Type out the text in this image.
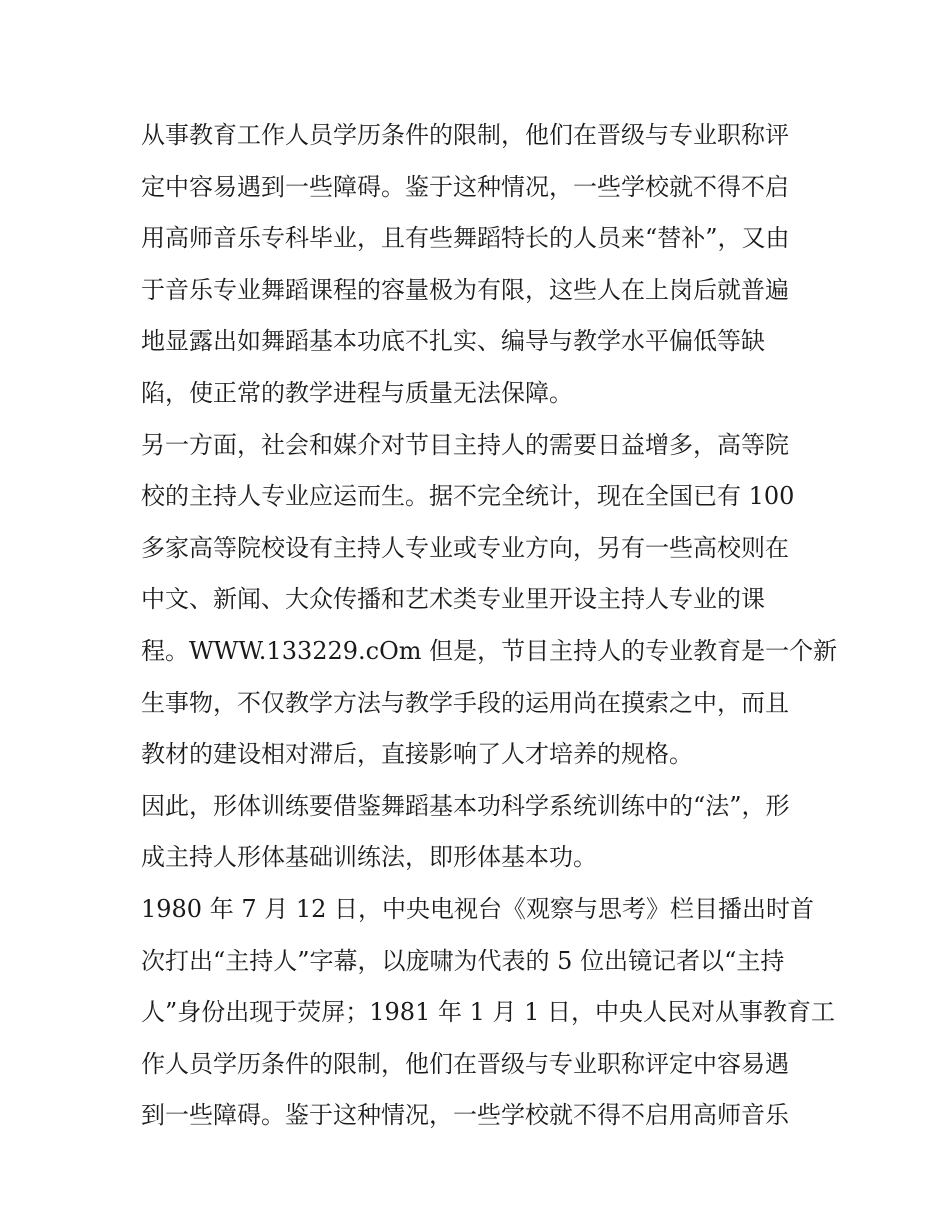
从事教育工作人员学历条件的限制，他们在晋级与专业职称评
定中容易遇到一些障碍。鉴于这种情况，一些学校就不得不启
用高师音乐专科毕业，且有些舞蹈特长的人员来“替补”，又由
于音乐专业舞蹈课程的容量极为有限，这些人在上岗后就普遍
地显露出如舞蹈基本功底不扎实、编导与教学水平偏低等缺
陷，使正常的教学进程与质量无法保障。
另一方面，社会和媒介对节目主持人的需要日益增多，高等院
校的主持人专业应运而生。据不完全统计，现在全国已有 100
多家高等院校设有主持人专业或专业方向，另有一些高校则在
中文、新闻、大众传播和艺术类专业里开设主持人专业的课
程。WWW.133229.cOm 但是，节目主持人的专业教育是一个新
生事物，不仅教学方法与教学手段的运用尚在摸索之中，而且
教材的建设相对滞后，直接影响了人才培养的规格。
因此，形体训练要借鉴舞蹈基本功科学系统训练中的“法”，形
成主持人形体基础训练法，即形体基本功。
1980 年 7 月 12 日，中央电视台《观察与思考》栏目播出时首
次打出“主持人”字幕，以庞啸为代表的 5 位出镜记者以“主持
人”身份出现于荧屏；1981 年 1 月 1 日，中央人民对从事教育工
作人员学历条件的限制，他们在晋级与专业职称评定中容易遇
到一些障碍。鉴于这种情况，一些学校就不得不启用高师音乐
